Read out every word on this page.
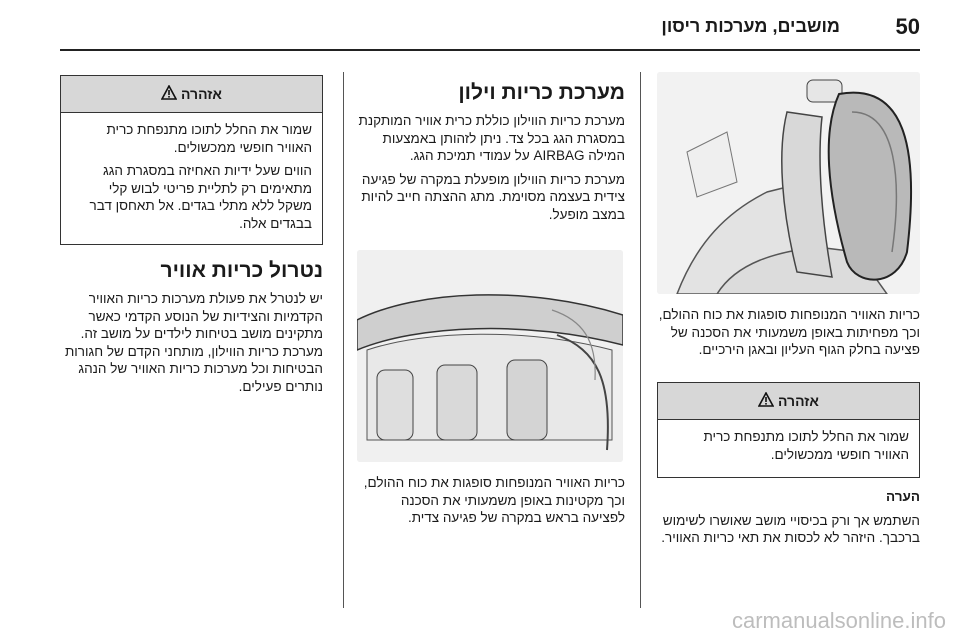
מושבים, מערכות ריסון	50

כריות האוויר המנופחות סופגות את כוח ההולם, וכך מפחיתות באופן משמעותי את הסכנה של פציעה בחלק הגוף העליון ובאגן הירכיים.

אזהרה
שמור את החלל לתוכו מתנפחת כרית האוויר חופשי ממכשולים.

הערה

השתמש אך ורק בכיסויי מושב שאושרו לשימוש ברכבך. היזהר לא לכסות את תאי כריות האוויר.

מערכת כריות וילון

מערכת כריות הווילון כוללת כרית אוויר המותקנת במסגרת הגג בכל צד. ניתן לזהותן באמצעות המילה AIRBAG על עמודי תמיכת הגג.

מערכת כריות הווילון מופעלת במקרה של פגיעה צידית בעצמה מסוימת. מתג ההצתה חייב להיות במצב מופעל.

כריות האוויר המנופחות סופגות את כוח ההולם, וכך מקטינות באופן משמעותי את הסכנה לפציעה בראש במקרה של פגיעה צדית.

אזהרה

שמור את החלל לתוכו מתנפחת כרית האוויר חופשי ממכשולים.

הווים שעל ידיות האחיזה במסגרת הגג מתאימים רק לתליית פריטי לבוש קלי משקל ללא מתלי בגדים. אל תאחסן דבר בבגדים אלה.

נטרול כריות אוויר

יש לנטרל את פעולת מערכות כריות האוויר הקדמיות והצידיות של הנוסע הקדמי כאשר מתקינים מושב בטיחות לילדים על מושב זה. מערכת כריות הווילון, מותחני הקדם של חגורות הבטיחות וכל מערכות כריות האוויר של הנהג נותרים פעילים.

carmanualsonline.info
